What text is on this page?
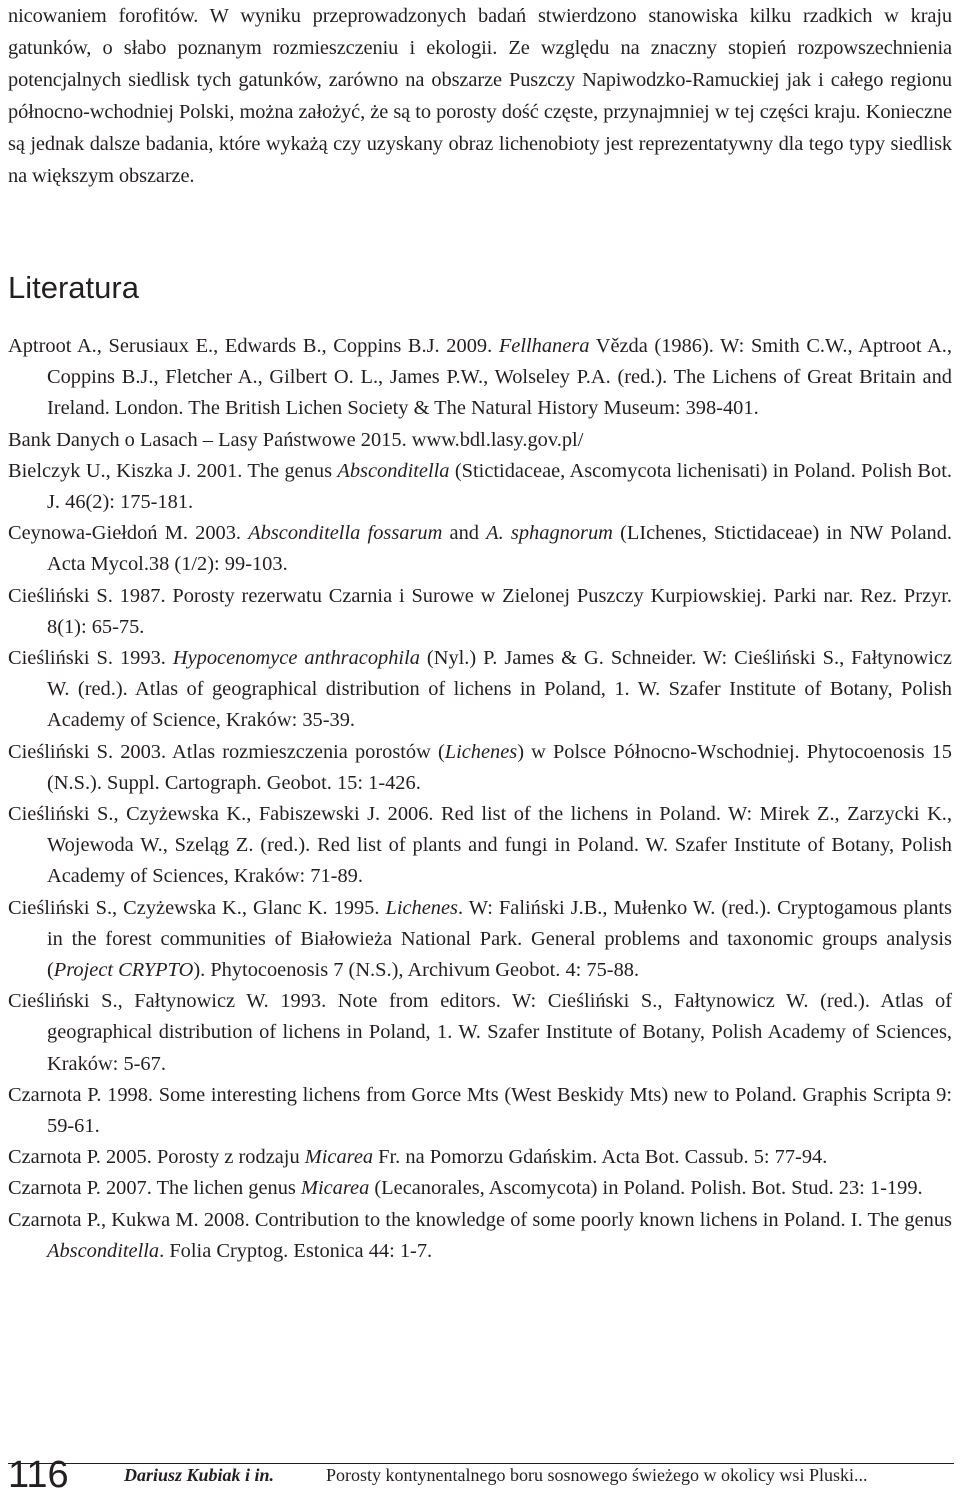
nicowaniem forofitów. W wyniku przeprowadzonych badań stwierdzono stanowiska kilku rzadkich w kraju gatunków, o słabo poznanym rozmieszczeniu i ekologii. Ze względu na znaczny stopień rozpowszechnienia potencjalnych siedlisk tych gatunków, zarówno na obszarze Puszczy Napiwodzko-Ramuckiej jak i całego regionu północno-wchodniej Polski, można założyć, że są to porosty dość częste, przynajmniej w tej części kraju. Konieczne są jednak dalsze badania, które wykażą czy uzyskany obraz lichenobioty jest reprezentatywny dla tego typy siedlisk na większym obszarze.

Literatura

Aptroot A., Serusiaux E., Edwards B., Coppins B.J. 2009. Fellhanera Vězda (1986). W: Smith C.W., Aptroot A., Coppins B.J., Fletcher A., Gilbert O. L., James P.W., Wolseley P.A. (red.). The Lichens of Great Britain and Ireland. London. The British Lichen Society & The Natural History Museum: 398-401.

Bank Danych o Lasach – Lasy Państwowe 2015. www.bdl.lasy.gov.pl/

Bielczyk U., Kiszka J. 2001. The genus Absconditella (Stictidaceae, Ascomycota lichenisati) in Poland. Polish Bot. J. 46(2): 175-181.

Ceynowa-Giełdoń M. 2003. Absconditella fossarum and A. sphagnorum (LIchenes, Stictidaceae) in NW Poland. Acta Mycol.38 (1/2): 99-103.

Cieśliński S. 1987. Porosty rezerwatu Czarnia i Surowe w Zielonej Puszczy Kurpiowskiej. Parki nar. Rez. Przyr. 8(1): 65-75.

Cieśliński S. 1993. Hypocenomyce anthracophila (Nyl.) P. James & G. Schneider. W: Cieśliński S., Fałtynowicz W. (red.). Atlas of geographical distribution of lichens in Poland, 1. W. Szafer Institute of Botany, Polish Academy of Science, Kraków: 35-39.

Cieśliński S. 2003. Atlas rozmieszczenia porostów (Lichenes) w Polsce Północno-Wschodniej. Phytocoenosis 15 (N.S.). Suppl. Cartograph. Geobot. 15: 1-426.

Cieśliński S., Czyżewska K., Fabiszewski J. 2006. Red list of the lichens in Poland. W: Mirek Z., Zarzycki K., Wojewoda W., Szeląg Z. (red.). Red list of plants and fungi in Poland. W. Szafer Institute of Botany, Polish Academy of Sciences, Kraków: 71-89.

Cieśliński S., Czyżewska K., Glanc K. 1995. Lichenes. W: Faliński J.B., Mułenko W. (red.). Cryptogamous plants in the forest communities of Białowieża National Park. General problems and taxonomic groups analysis (Project CRYPTO). Phytocoenosis 7 (N.S.), Archivum Geobot. 4: 75-88.

Cieśliński S., Fałtynowicz W. 1993. Note from editors. W: Cieśliński S., Fałtynowicz W. (red.). Atlas of geographical distribution of lichens in Poland, 1. W. Szafer Institute of Botany, Polish Academy of Sciences, Kraków: 5-67.

Czarnota P. 1998. Some interesting lichens from Gorce Mts (West Beskidy Mts) new to Poland. Graphis Scripta 9: 59-61.

Czarnota P. 2005. Porosty z rodzaju Micarea Fr. na Pomorzu Gdańskim. Acta Bot. Cassub. 5: 77-94.

Czarnota P. 2007. The lichen genus Micarea (Lecanorales, Ascomycota) in Poland. Polish. Bot. Stud. 23: 1-199.

Czarnota P., Kukwa M. 2008. Contribution to the knowledge of some poorly known lichens in Poland. I. The genus Absconditella. Folia Cryptog. Estonica 44: 1-7.

116	Dariusz Kubiak i in.	Porosty kontynentalnego boru sosnowego świeżego w okolicy wsi Pluski...
